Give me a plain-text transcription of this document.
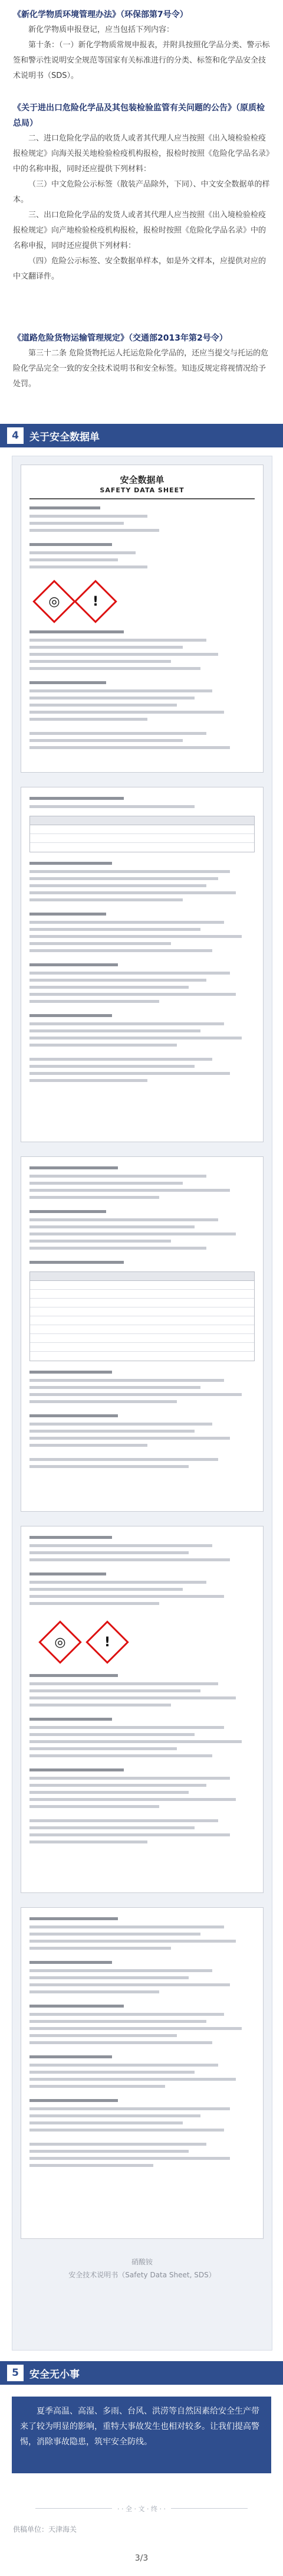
《新化学物质环境管理办法》（环保部第7号令）

新化学物质申报登记，应当包括下列内容：

第十条：（一）新化学物质常规申报表，并附具按照化学品分类、警示标签和警示性说明安全规范等国家有关标准进行的分类、标签和化学品安全技术说明书（SDS）。

《关于进出口危险化学品及其包装检验监管有关问题的公告》（原质检总局）

二、进口危险化学品的收货人或者其代理人应当按照《出入境检验检疫报检规定》向海关报关地检验检疫机构报检，报检时按照《危险化学品名录》中的名称申报，同时还应提供下列材料：

（三）中文危险公示标签（散装产品除外，下同）、中文安全数据单的样本。

三、出口危险化学品的发货人或者其代理人应当按照《出入境检验检疫报检规定》向产地检验检疫机构报检，报检时按照《危险化学品名录》中的名称申报，同时还应提供下列材料：

（四）危险公示标签、安全数据单样本，如是外文样本，应提供对应的中文翻译件。

《道路危险货物运输管理规定》（交通部2013年第2号令）

第三十二条 危险货物托运人托运危险化学品的，还应当提交与托运的危险化学品完全一致的安全技术说明书和安全标签。知违反规定将视情况给予处罚。

4	关于安全数据单
安全数据单
SAFETY DATA SHEET
◎	!
◎	!
硝酸铵
安全技术说明书（Safety Data Sheet, SDS）
5	安全无小事

夏季高温、高湿、多雨、台风、洪涝等自然因素给安全生产带来了较为明显的影响，重特大事故发生也相对较多。让我们提高警惕，消除事故隐患，筑牢安全防线。

· · 全 · 文 · 终 · ·
供稿单位：天津海关
3/3
